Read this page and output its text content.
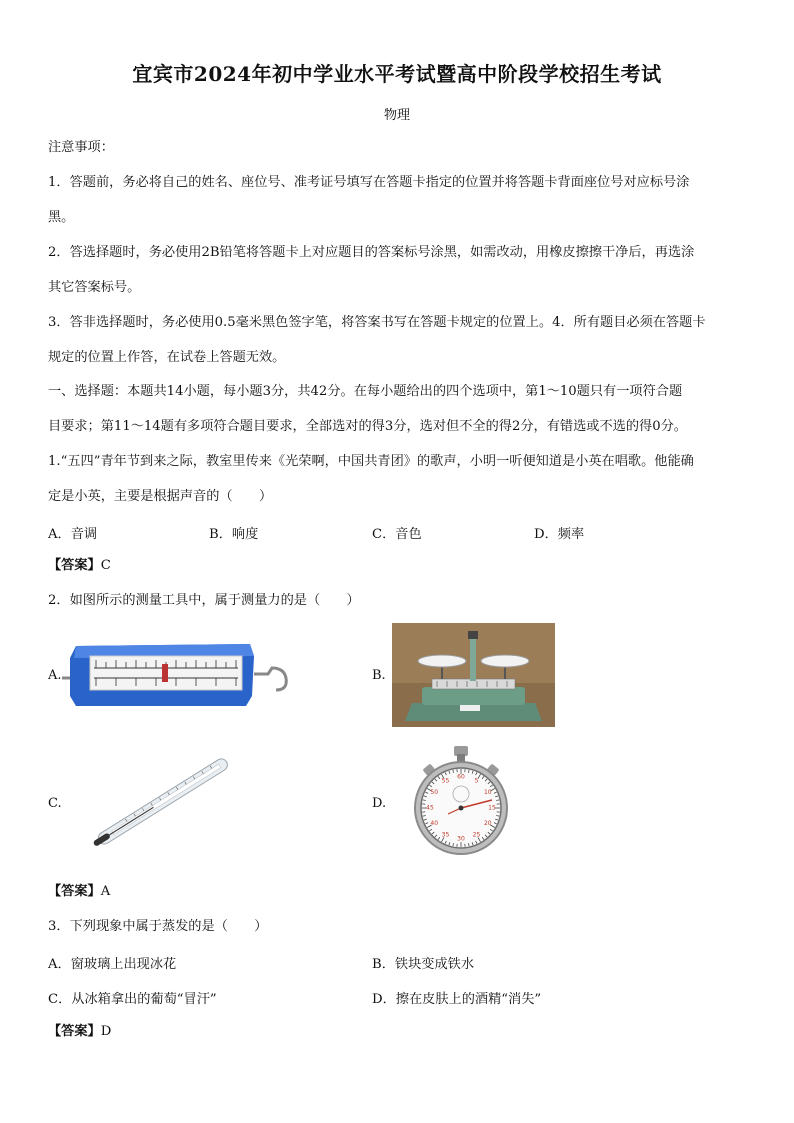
宜宾市2024年初中学业水平考试暨高中阶段学校招生考试
物理
注意事项：
1．答题前，务必将自己的姓名、座位号、准考证号填写在答题卡指定的位置并将答题卡背面座位号对应标号涂
黑。
2．答选择题时，务必使用2B铅笔将答题卡上对应题目的答案标号涂黑，如需改动，用橡皮擦擦干净后，再选涂
其它答案标号。
3．答非选择题时，务必使用0.5毫米黑色签字笔，将答案书写在答题卡规定的位置上。4．所有题目必须在答题卡
规定的位置上作答，在试卷上答题无效。
一、选择题：本题共14小题，每小题3分，共42分。在每小题给出的四个选项中，第1～10题只有一项符合题
目要求；第11～14题有多项符合题目要求，全部选对的得3分，选对但不全的得2分，有错选或不选的得0分。
1.“五四”青年节到来之际，教室里传来《光荣啊，中国共青团》的歌声，小明一听便知道是小英在唱歌。他能确
定是小英，主要是根据声音的（　　）
A．音调	B．响度	C．音色	D．频率
【答案】C
2．如图所示的测量工具中，属于测量力的是（　　）
A.	B.
C.	D.
60
5
10
15
20
25
30
35
40
45
50
55
【答案】A
3．下列现象中属于蒸发的是（　　）
A．窗玻璃上出现冰花	B．铁块变成铁水
C．从冰箱拿出的葡萄“冒汗”	D．擦在皮肤上的酒精“消失”
【答案】D
